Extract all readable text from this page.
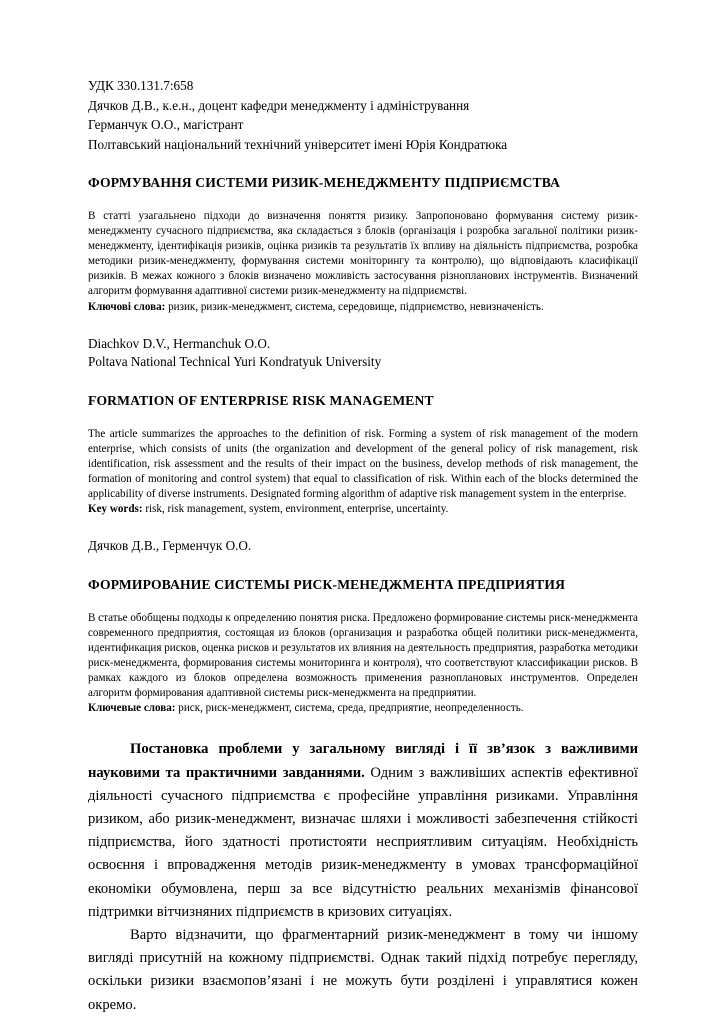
УДК 330.131.7:658
Дячков Д.В., к.е.н., доцент кафедри менеджменту і адміністрування
Германчук О.О., магістрант
Полтавський національний технічний університет імені Юрія Кондратюка
ФОРМУВАННЯ СИСТЕМИ РИЗИК-МЕНЕДЖМЕНТУ ПІДПРИЄМСТВА
В статті узагальнено підходи до визначення поняття ризику. Запропоновано формування систему ризик-менеджменту сучасного підприємства, яка складається з блоків (організація і розробка загальної політики ризик-менеджменту, ідентифікація ризиків, оцінка ризиків та результатів їх впливу на діяльність підприємства, розробка методики ризик-менеджменту, формування системи моніторингу та контролю), що відповідають класифікації ризиків. В межах кожного з блоків визначено можливість застосування різнопланових інструментів. Визначений алгоритм формування адаптивної системи ризик-менеджменту на підприємстві.
Ключові слова: ризик, ризик-менеджмент, система, середовище, підприємство, невизначеність.
Diachkov D.V., Hermanchuk O.O.
Poltava National Technical Yuri Kondratyuk University
FORMATION OF ENTERPRISE RISK MANAGEMENT
The article summarizes the approaches to the definition of risk. Forming a system of risk management of the modern enterprise, which consists of units (the organization and development of the general policy of risk management, risk identification, risk assessment and the results of their impact on the business, develop methods of risk management, the formation of monitoring and control system) that equal to classification of risk. Within each of the blocks determined the applicability of diverse instruments. Designated forming algorithm of adaptive risk management system in the enterprise.
Key words: risk, risk management, system, environment, enterprise, uncertainty.
Дячков Д.В., Герменчук О.О.
ФОРМИРОВАНИЕ СИСТЕМЫ РИСК-МЕНЕДЖМЕНТА ПРЕДПРИЯТИЯ
В статье обобщены подходы к определению понятия риска. Предложено формирование системы риск-менеджмента современного предприятия, состоящая из блоков (организация и разработка общей политики риск-менеджмента, идентификация рисков, оценка рисков и результатов их влияния на деятельность предприятия, разработка методики риск-менеджмента, формирования системы мониторинга и контроля), что соответствуют классификации рисков. В рамках каждого из блоков определена возможность применения разноплановых инструментов. Определен алгоритм формирования адаптивной системы риск-менеджмента на предприятии.
Ключевые слова: риск, риск-менеджмент, система, среда, предприятие, неопределенность.

Постановка проблеми у загальному вигляді і її зв’язок з важливими науковими та практичними завданнями. Одним з важливіших аспектів ефективної діяльності сучасного підприємства є професійне управління ризиками. Управління ризиком, або ризик-менеджмент, визначає шляхи і можливості забезпечення стійкості підприємства, його здатності протистояти несприятливим ситуаціям. Необхідність освоєння і впровадження методів ризик-менеджменту в умовах трансформаційної економіки обумовлена, перш за все відсутністю реальних механізмів фінансової підтримки вітчизняних підприємств в кризових ситуаціях.

Варто відзначити, що фрагментарний ризик-менеджмент в тому чи іншому вигляді присутній на кожному підприємстві. Однак такий підхід потребує перегляду, оскільки ризики взаємопов’язані і не можуть бути розділені і управлятися кожен окремо.
